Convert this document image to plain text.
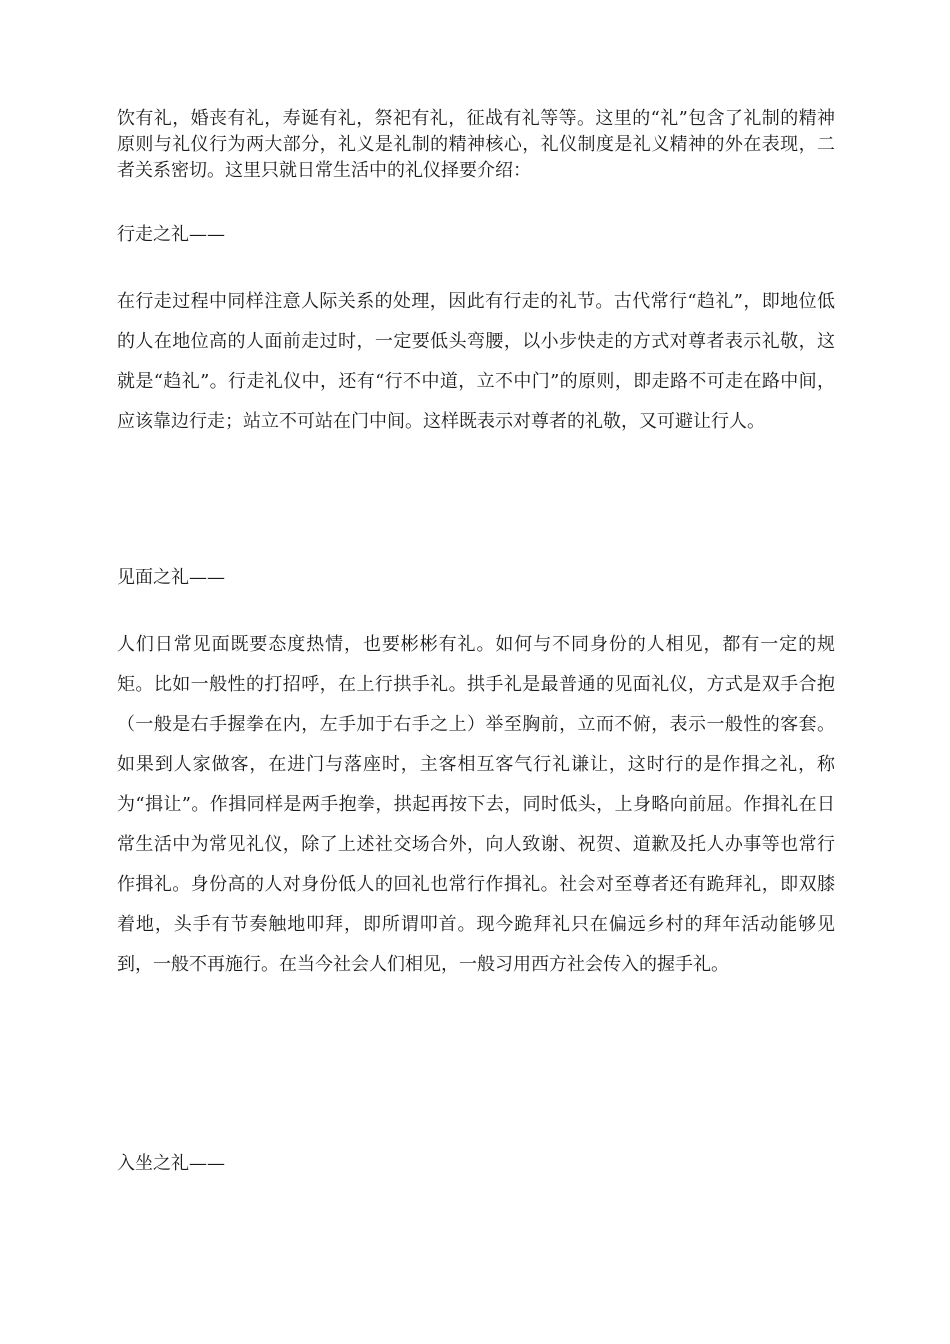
饮有礼，婚丧有礼，寿诞有礼，祭祀有礼，征战有礼等等。这里的“礼”包含了礼制的精神原则与礼仪行为两大部分，礼义是礼制的精神核心，礼仪制度是礼义精神的外在表现，二者关系密切。这里只就日常生活中的礼仪择要介绍：

行走之礼——

在行走过程中同样注意人际关系的处理，因此有行走的礼节。古代常行“趋礼”，即地位低的人在地位高的人面前走过时，一定要低头弯腰，以小步快走的方式对尊者表示礼敬，这就是“趋礼”。行走礼仪中，还有“行不中道，立不中门”的原则，即走路不可走在路中间，应该靠边行走；站立不可站在门中间。这样既表示对尊者的礼敬，又可避让行人。

见面之礼——

人们日常见面既要态度热情，也要彬彬有礼。如何与不同身份的人相见，都有一定的规矩。比如一般性的打招呼，在上行拱手礼。拱手礼是最普通的见面礼仪，方式是双手合抱（一般是右手握拳在内，左手加于右手之上）举至胸前，立而不俯，表示一般性的客套。如果到人家做客，在进门与落座时，主客相互客气行礼谦让，这时行的是作揖之礼，称为“揖让”。作揖同样是两手抱拳，拱起再按下去，同时低头，上身略向前屈。作揖礼在日常生活中为常见礼仪，除了上述社交场合外，向人致谢、祝贺、道歉及托人办事等也常行作揖礼。身份高的人对身份低人的回礼也常行作揖礼。社会对至尊者还有跪拜礼，即双膝着地，头手有节奏触地叩拜，即所谓叩首。现今跪拜礼只在偏远乡村的拜年活动能够见到，一般不再施行。在当今社会人们相见，一般习用西方社会传入的握手礼。

入坐之礼——
